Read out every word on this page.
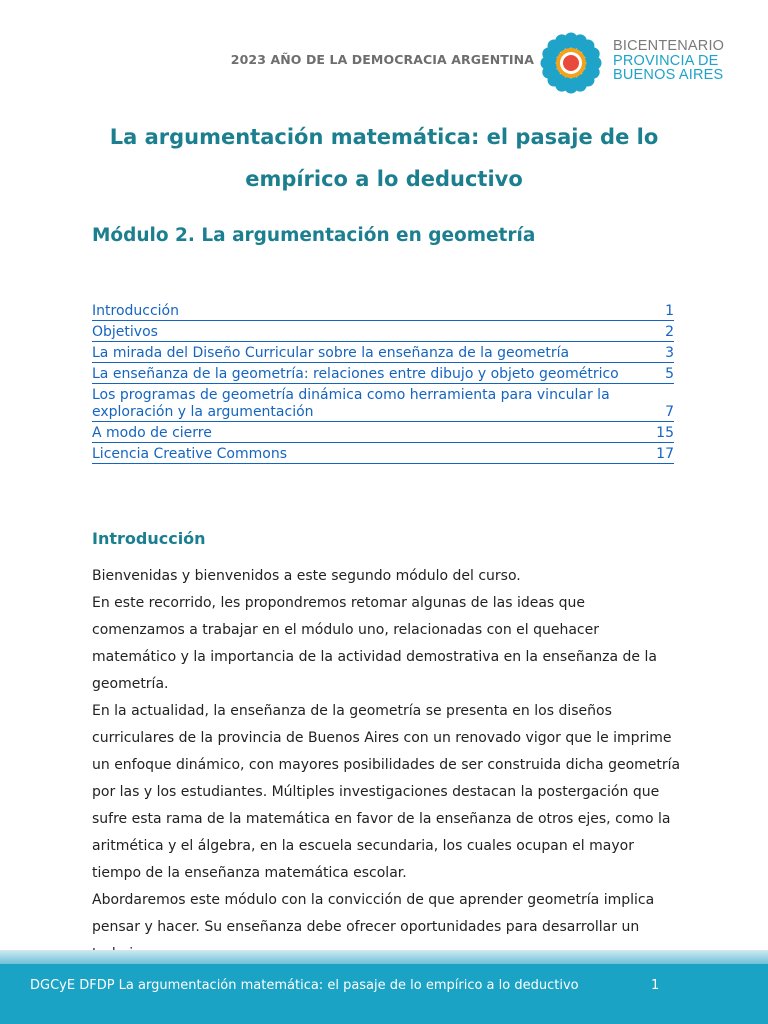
2023 AÑO DE LA DEMOCRACIA ARGENTINA
BICENTENARIO
PROVINCIA DE
BUENOS AIRES
La argumentación matemática: el pasaje de lo empírico a lo deductivo
Módulo 2. La argumentación en geometría
Introducción	1
Objetivos	2
La mirada del Diseño Curricular sobre la enseñanza de la geometría	3
La enseñanza de la geometría: relaciones entre dibujo y objeto geométrico	5
Los programas de geometría dinámica como herramienta para vincular la exploración y la argumentación	7
A modo de cierre	15
Licencia Creative Commons	17
Introducción

Bienvenidas y bienvenidos a este segundo módulo del curso.

En este recorrido, les propondremos retomar algunas de las ideas que comenzamos a trabajar en el módulo uno, relacionadas con el quehacer matemático y la importancia de la actividad demostrativa en la enseñanza de la geometría.

En la actualidad, la enseñanza de la geometría se presenta en los diseños curriculares de la provincia de Buenos Aires con un renovado vigor que le imprime un enfoque dinámico, con mayores posibilidades de ser construida dicha geometría por las y los estudiantes. Múltiples investigaciones destacan la postergación que sufre esta rama de la matemática en favor de la enseñanza de otros ejes, como la aritmética y el álgebra, en la escuela secundaria, los cuales ocupan el mayor tiempo de la enseñanza matemática escolar.

Abordaremos este módulo con la convicción de que aprender geometría implica pensar y hacer. Su enseñanza debe ofrecer oportunidades para desarrollar un

DGCyE DFDP La argumentación matemática: el pasaje de lo empírico a lo deductivo	1
